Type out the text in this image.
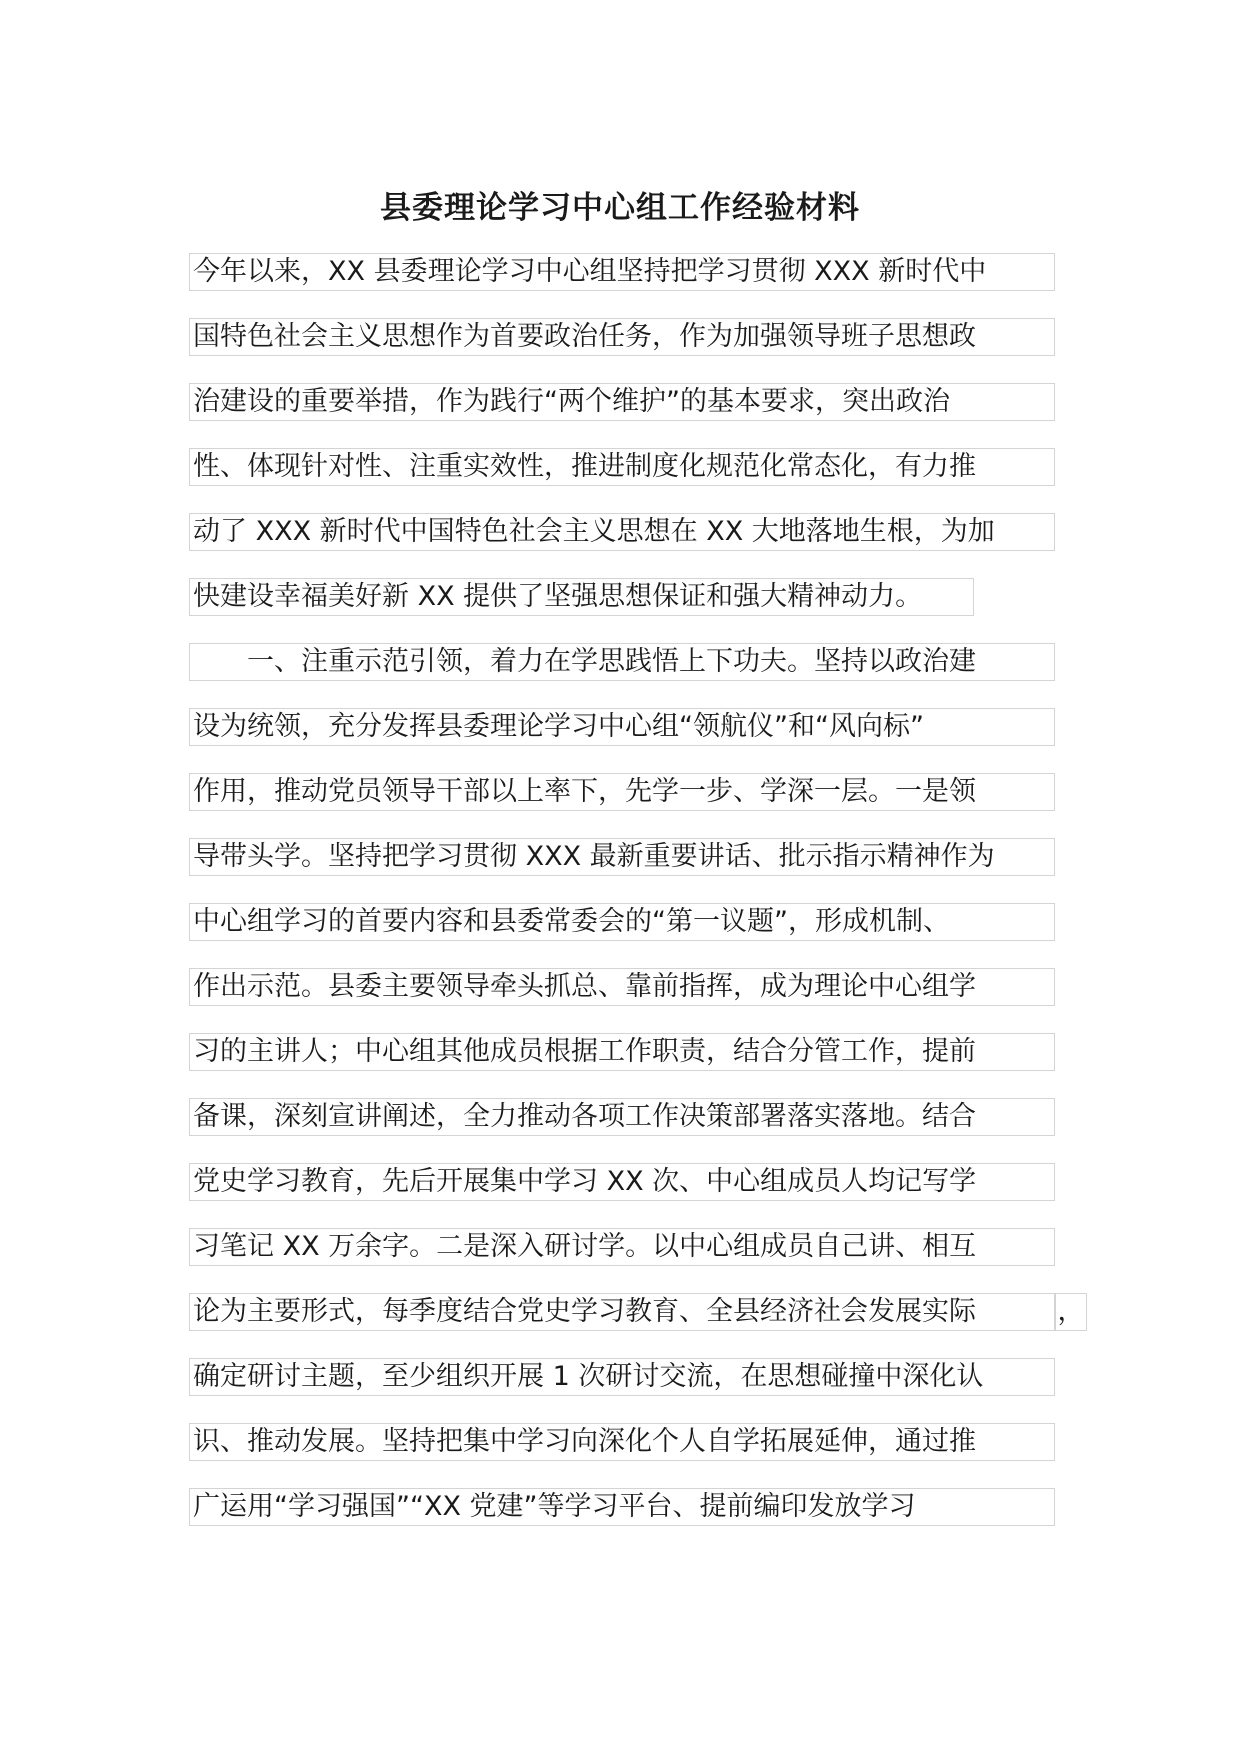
县委理论学习中心组工作经验材料
今年以来，XX 县委理论学习中心组坚持把学习贯彻 XXX 新时代中
国特色社会主义思想作为首要政治任务，作为加强领导班子思想政
治建设的重要举措，作为践行“两个维护”的基本要求，突出政治
性、体现针对性、注重实效性，推进制度化规范化常态化，有力推
动了 XXX 新时代中国特色社会主义思想在 XX 大地落地生根，为加
快建设幸福美好新 XX 提供了坚强思想保证和强大精神动力。
一、注重示范引领，着力在学思践悟上下功夫。坚持以政治建
设为统领，充分发挥县委理论学习中心组“领航仪”和“风向标”
作用，推动党员领导干部以上率下，先学一步、学深一层。一是领
导带头学。坚持把学习贯彻 XXX 最新重要讲话、批示指示精神作为
中心组学习的首要内容和县委常委会的“第一议题”，形成机制、
作出示范。县委主要领导牵头抓总、靠前指挥，成为理论中心组学
习的主讲人；中心组其他成员根据工作职责，结合分管工作，提前
备课，深刻宣讲阐述，全力推动各项工作决策部署落实落地。结合
党史学习教育，先后开展集中学习 XX 次、中心组成员人均记写学
习笔记 XX 万余字。二是深入研讨学。以中心组成员自己讲、相互
论为主要形式，每季度结合党史学习教育、全县经济社会发展实际	，
确定研讨主题，至少组织开展 1 次研讨交流，在思想碰撞中深化认
识、推动发展。坚持把集中学习向深化个人自学拓展延伸，通过推
广运用“学习强国”“XX 党建”等学习平台、提前编印发放学习
